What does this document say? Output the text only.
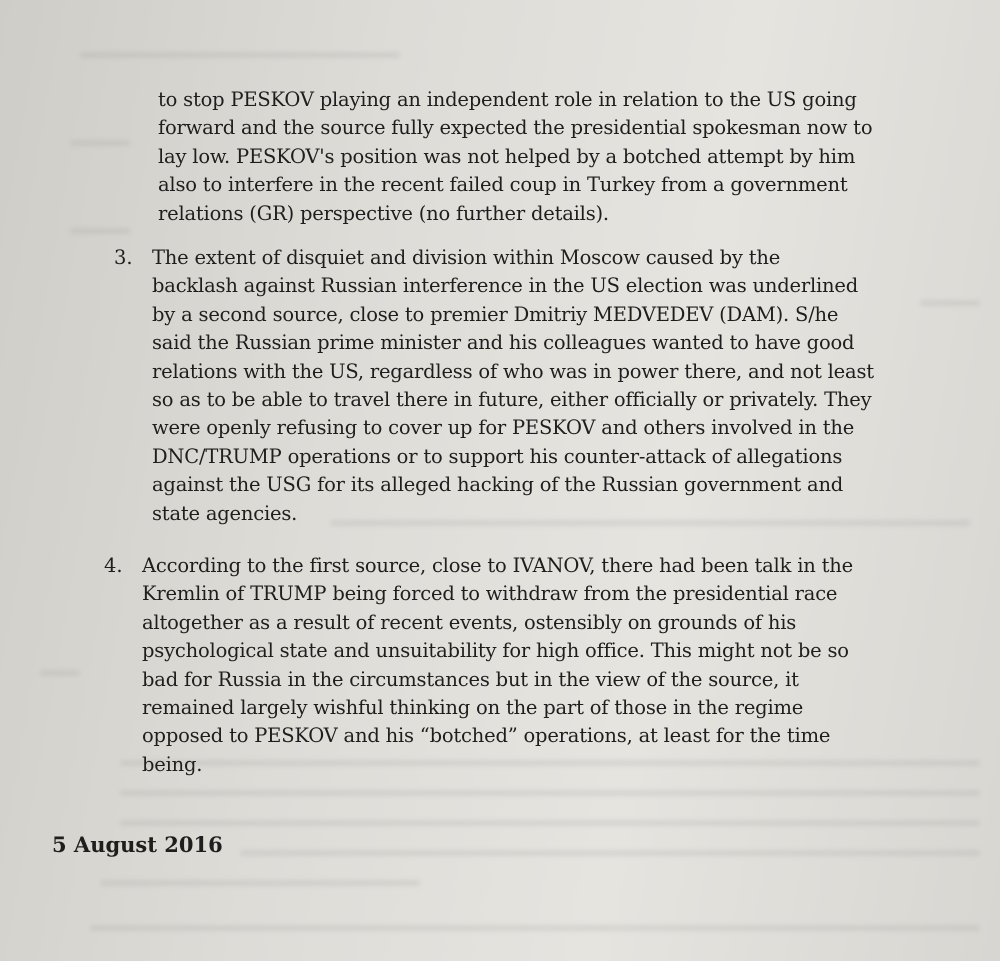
to stop PESKOV playing an independent role in relation to the US going
forward and the source fully expected the presidential spokesman now to
lay low. PESKOV's position was not helped by a botched attempt by him
also to interfere in the recent failed coup in Turkey from a government
relations (GR) perspective (no further details).
3. The extent of disquiet and division within Moscow caused by the
backlash against Russian interference in the US election was underlined
by a second source, close to premier Dmitriy MEDVEDEV (DAM). S/he
said the Russian prime minister and his colleagues wanted to have good
relations with the US, regardless of who was in power there, and not least
so as to be able to travel there in future, either officially or privately. They
were openly refusing to cover up for PESKOV and others involved in the
DNC/TRUMP operations or to support his counter-attack of allegations
against the USG for its alleged hacking of the Russian government and
state agencies.
4. According to the first source, close to IVANOV, there had been talk in the
Kremlin of TRUMP being forced to withdraw from the presidential race
altogether as a result of recent events, ostensibly on grounds of his
psychological state and unsuitability for high office. This might not be so
bad for Russia in the circumstances but in the view of the source, it
remained largely wishful thinking on the part of those in the regime
opposed to PESKOV and his “botched” operations, at least for the time
being.
5 August 2016
